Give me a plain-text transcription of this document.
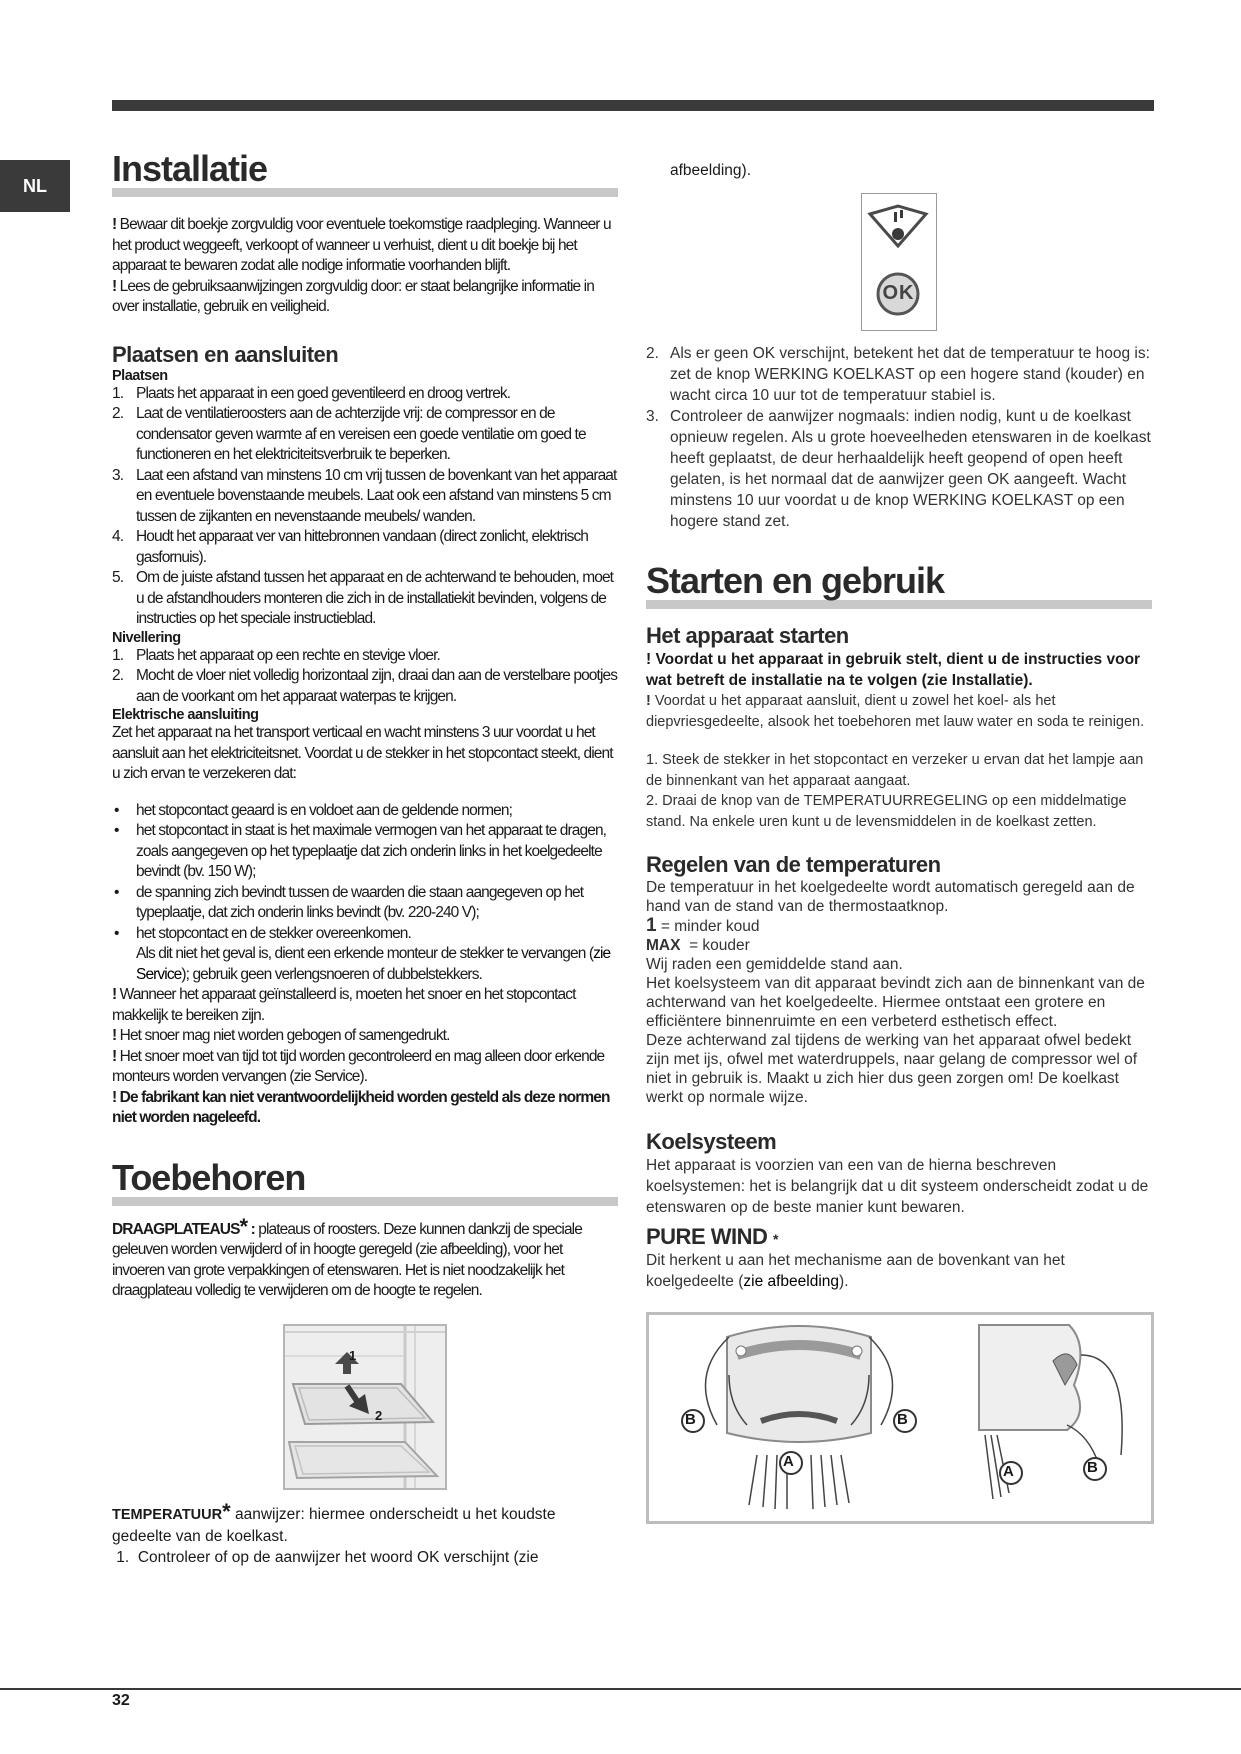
NL	Installatie

! Bewaar dit boekje zorgvuldig voor eventuele toekomstige raadpleging. Wanneer u het product weggeeft, verkoopt of wanneer u verhuist, dient u dit boekje bij het apparaat te bewaren zodat alle nodige informatie voorhanden blijft.

! Lees de gebruiksaanwijzingen zorgvuldig door: er staat belangrijke informatie in over installatie, gebruik en veiligheid.

Plaatsen en aansluiten
Plaatsen
1. Plaats het apparaat in een goed geventileerd en droog vertrek.
2. Laat de ventilatieroosters aan de achterzijde vrij: de compressor en de condensator geven warmte af en vereisen een goede ventilatie om goed te functioneren en het elektriciteitsverbruik te beperken.
3. Laat een afstand van minstens 10 cm vrij tussen de bovenkant van het apparaat en eventuele bovenstaande meubels. Laat ook een afstand van minstens 5 cm tussen de zijkanten en nevenstaande meubels/ wanden.
4. Houdt het apparaat ver van hittebronnen vandaan (direct zonlicht, elektrisch gasfornuis).
5. Om de juiste afstand tussen het apparaat en de achterwand te behouden, moet u de afstandhouders monteren die zich in de installatiekit bevinden, volgens de instructies op het speciale instructieblad.
Nivellering
1. Plaats het apparaat op een rechte en stevige vloer.
2. Mocht de vloer niet volledig horizontaal zijn, draai dan aan de verstelbare pootjes aan de voorkant om het apparaat waterpas te krijgen.
Elektrische aansluiting

Zet het apparaat na het transport verticaal en wacht minstens 3 uur voordat u het aansluit aan het elektriciteitsnet. Voordat u de stekker in het stopcontact steekt, dient u zich ervan te verzekeren dat:

• het stopcontact geaard is en voldoet aan de geldende normen;
• het stopcontact in staat is het maximale vermogen van het apparaat te dragen, zoals aangegeven op het typeplaatje dat zich onderin links in het koelgedeelte bevindt (bv. 150 W);
• de spanning zich bevindt tussen de waarden die staan aangegeven op het typeplaatje, dat zich onderin links bevindt (bv. 220-240 V);
• het stopcontact en de stekker overeenkomen.
Als dit niet het geval is, dient een erkende monteur de stekker te vervangen (zie Service); gebruik geen verlengsnoeren of dubbelstekkers.

! Wanneer het apparaat geïnstalleerd is, moeten het snoer en het stopcontact makkelijk te bereiken zijn.

! Het snoer mag niet worden gebogen of samengedrukt.

! Het snoer moet van tijd tot tijd worden gecontroleerd en mag alleen door erkende monteurs worden vervangen (zie Service).

! De fabrikant kan niet verantwoordelijkheid worden gesteld als deze normen niet worden nageleefd.

Toebehoren

DRAAGPLATEAUS* : plateaus of roosters. Deze kunnen dankzij de speciale geleuven worden verwijderd of in hoogte geregeld (zie afbeelding), voor het invoeren van grote verpakkingen of etenswaren. Het is niet noodzakelijk het draagplateau volledig te verwijderen om de hoogte te regelen.

1
2

TEMPERATUUR* aanwijzer: hiermee onderscheidt u het koudste gedeelte van de koelkast.

1.  Controleer of op de aanwijzer het woord OK verschijnt (zie

afbeelding).

OK
2. Als er geen OK verschijnt, betekent het dat de temperatuur te hoog is: zet de knop WERKING KOELKAST op een hogere stand (kouder) en wacht circa 10 uur tot de temperatuur stabiel is.
3. Controleer de aanwijzer nogmaals: indien nodig, kunt u de koelkast opnieuw regelen. Als u grote hoeveelheden etenswaren in de koelkast heeft geplaatst, de deur herhaaldelijk heeft geopend of open heeft gelaten, is het normaal dat de aanwijzer geen OK aangeeft. Wacht minstens 10 uur voordat u de knop WERKING KOELKAST op een hogere stand zet.
Starten en gebruik
Het apparaat starten

! Voordat u het apparaat in gebruik stelt, dient u de instructies voor wat betreft de installatie na te volgen (zie Installatie).

! Voordat u het apparaat aansluit, dient u zowel het koel- als het diepvriesgedeelte, alsook het toebehoren met lauw water en soda te reinigen.

1. Steek de stekker in het stopcontact en verzeker u ervan dat het lampje aan de binnenkant van het apparaat aangaat.

2. Draai de knop van de TEMPERATUURREGELING op een middelmatige stand. Na enkele uren kunt u de levensmiddelen in de koelkast zetten.

Regelen van de temperaturen

De temperatuur in het koelgedeelte wordt automatisch geregeld aan de hand van de stand van de thermostaatknop.

1 = minder koud

MAX = kouder

Wij raden een gemiddelde stand aan.

Het koelsysteem van dit apparaat bevindt zich aan de binnenkant van de achterwand van het koelgedeelte. Hiermee ontstaat een grotere en efficiëntere binnenruimte en een verbeterd esthetisch effect.

Deze achterwand zal tijdens de werking van het apparaat ofwel bedekt zijn met ijs, ofwel met waterdruppels, naar gelang de compressor wel of niet in gebruik is. Maakt u zich hier dus geen zorgen om! De koelkast werkt op normale wijze.

Koelsysteem

Het apparaat is voorzien van een van de hierna beschreven koelsystemen: het is belangrijk dat u dit systeem onderscheidt zodat u de etenswaren op de beste manier kunt bewaren.

PURE WIND *

Dit herkent u aan het mechanisme aan de bovenkant van het koelgedeelte (zie afbeelding).

B	B
A
A	B
32
